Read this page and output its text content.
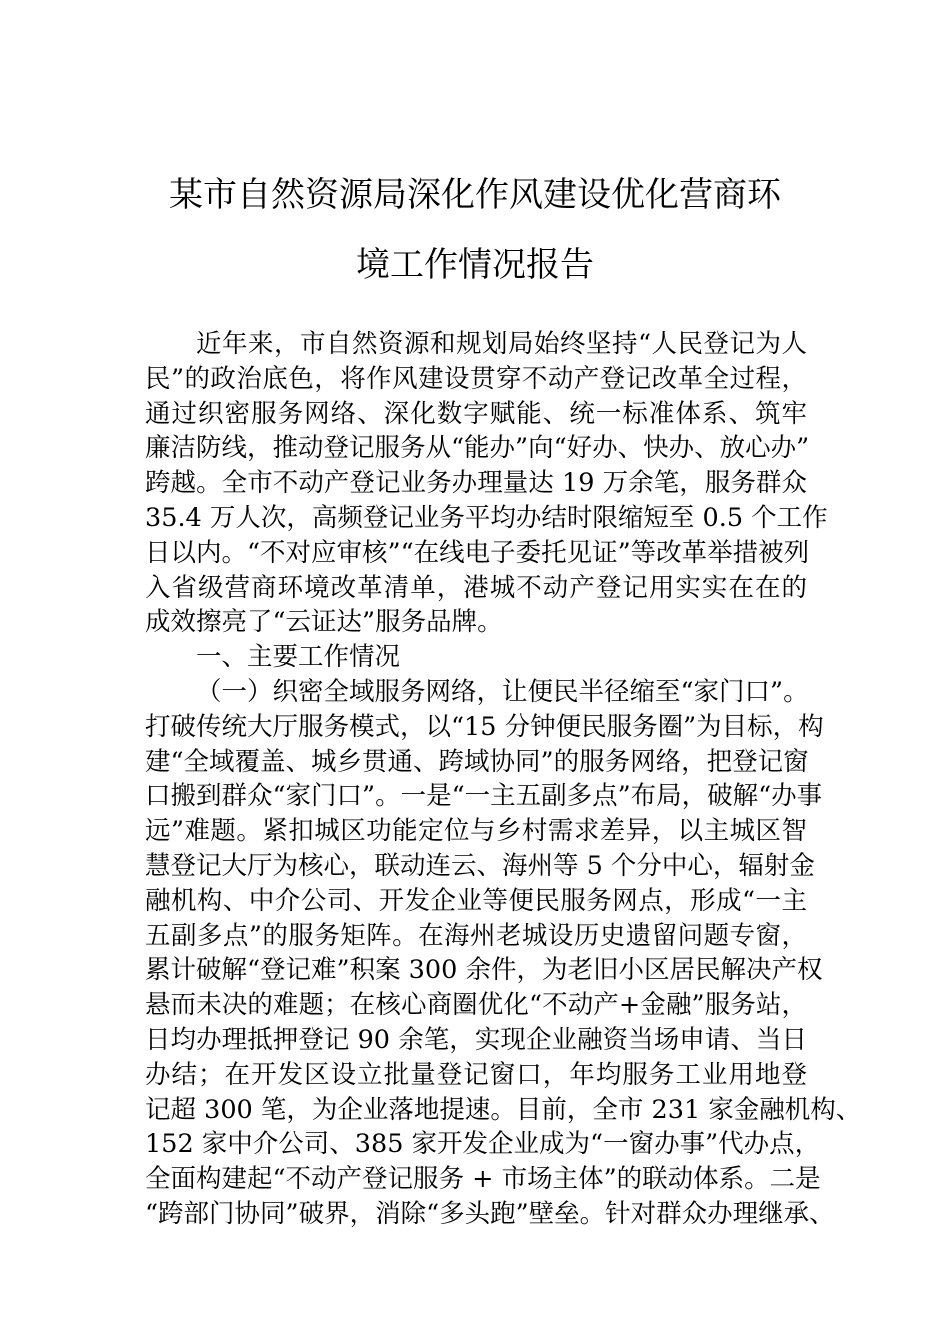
某市自然资源局深化作风建设优化营商环
境工作情况报告
近年来，市自然资源和规划局始终坚持“人民登记为人
民”的政治底色，将作风建设贯穿不动产登记改革全过程，
通过织密服务网络、深化数字赋能、统一标准体系、筑牢
廉洁防线，推动登记服务从“能办”向“好办、快办、放心办”
跨越。全市不动产登记业务办理量达 19 万余笔，服务群众
35.4 万人次，高频登记业务平均办结时限缩短至 0.5 个工作
日以内。“不对应审核”“在线电子委托见证”等改革举措被列
入省级营商环境改革清单，港城不动产登记用实实在在的
成效擦亮了“云证达”服务品牌。
一、主要工作情况
（一）织密全域服务网络，让便民半径缩至“家门口”。
打破传统大厅服务模式，以“15 分钟便民服务圈”为目标，构
建“全域覆盖、城乡贯通、跨域协同”的服务网络，把登记窗
口搬到群众“家门口”。一是“一主五副多点”布局，破解“办事
远”难题。紧扣城区功能定位与乡村需求差异，以主城区智
慧登记大厅为核心，联动连云、海州等 5 个分中心，辐射金
融机构、中介公司、开发企业等便民服务网点，形成“一主
五副多点”的服务矩阵。在海州老城设历史遗留问题专窗，
累计破解“登记难”积案 300 余件，为老旧小区居民解决产权
悬而未决的难题；在核心商圈优化“不动产+金融”服务站，
日均办理抵押登记 90 余笔，实现企业融资当场申请、当日
办结；在开发区设立批量登记窗口，年均服务工业用地登
记超 300 笔，为企业落地提速。目前，全市 231 家金融机构、
152 家中介公司、385 家开发企业成为“一窗办事”代办点，
全面构建起“不动产登记服务 + 市场主体”的联动体系。二是
“跨部门协同”破界，消除“多头跑”壁垒。针对群众办理继承、
